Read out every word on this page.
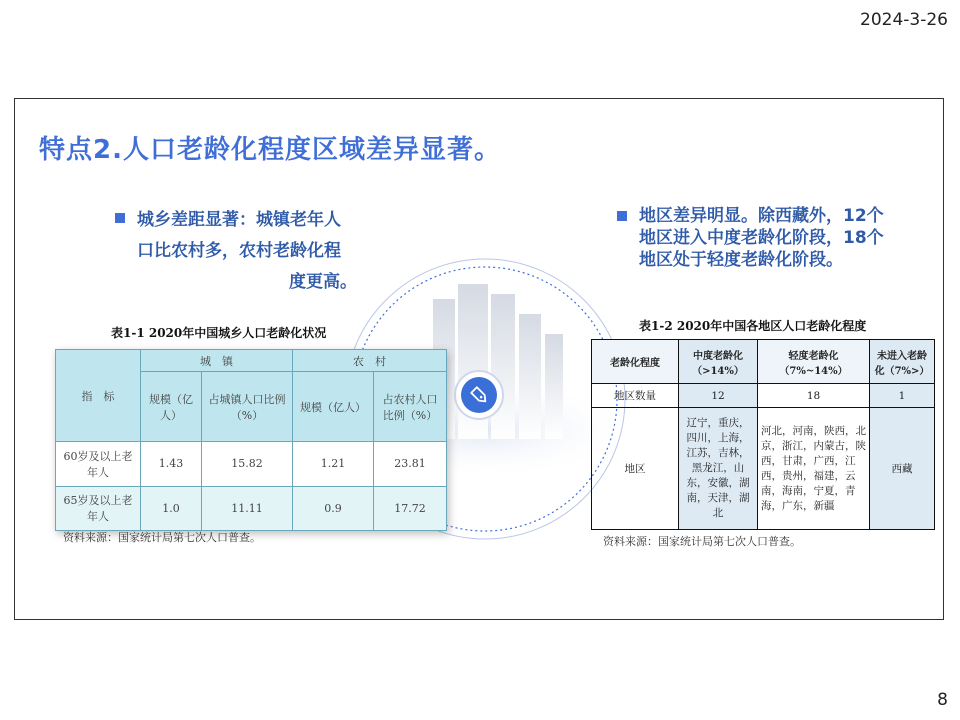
2024-3-26
特点2.人口老龄化程度区域差异显著。
城乡差距显著：城镇老年人
口比农村多，农村老龄化程
度更高。
地区差异明显。除西藏外，12个地区进入中度老龄化阶段，18个地区处于轻度老龄化阶段。
表1-1 2020年中国城乡人口老龄化状况
指　标	城　镇		农　村	
	规模（亿人）	占城镇人口比例（%）	规模（亿人）	占农村人口比例（%）
60岁及以上老年人	1.43	15.82	1.21	23.81
65岁及以上老年人	1.0	11.11	0.9	17.72
资料来源：国家统计局第七次人口普查。
表1-2 2020年中国各地区人口老龄化程度
老龄化程度	中度老龄化（>14%）	轻度老龄化（7%~14%）	未进入老龄化（7%>）
地区数量	12	18	1
地区	辽宁，重庆，四川，上海，江苏，吉林，黑龙江，山东，安徽，湖南，天津，湖北	河北，河南，陕西，北京，浙江，内蒙古，陕西，甘肃，广西，江西，贵州，福建，云南，海南，宁夏，青海，广东，新疆	西藏
资料来源：国家统计局第七次人口普查。
8
